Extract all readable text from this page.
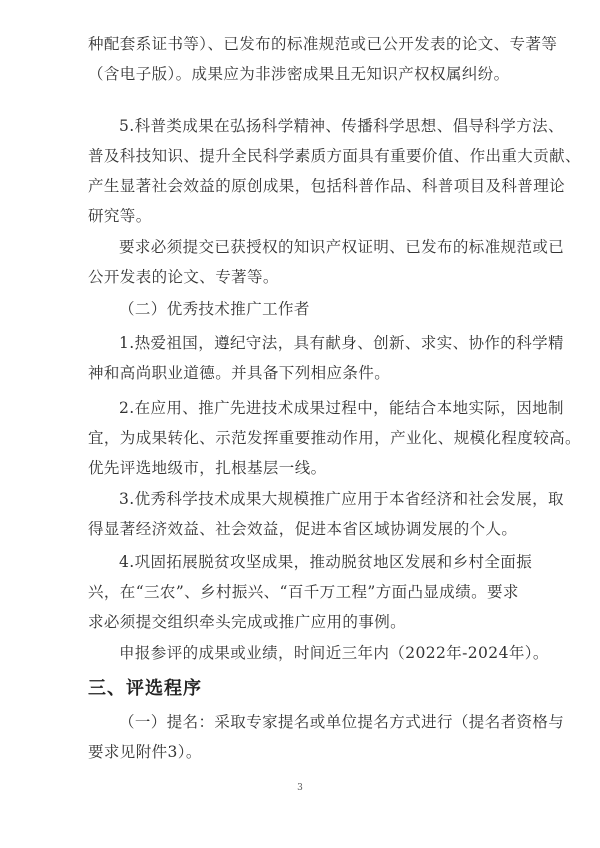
种配套系证书等）、已发布的标准规范或已公开发表的论文、专著等
（含电子版）。成果应为非涉密成果且无知识产权权属纠纷。
5.科普类成果在弘扬科学精神、传播科学思想、倡导科学方法、
普及科技知识、提升全民科学素质方面具有重要价值、作出重大贡献、
产生显著社会效益的原创成果，包括科普作品、科普项目及科普理论
研究等。
要求必须提交已获授权的知识产权证明、已发布的标准规范或已
公开发表的论文、专著等。
（二）优秀技术推广工作者
1.热爱祖国，遵纪守法，具有献身、创新、求实、协作的科学精
神和高尚职业道德。并具备下列相应条件。
2.在应用、推广先进技术成果过程中，能结合本地实际，因地制
宜，为成果转化、示范发挥重要推动作用，产业化、规模化程度较高。
优先评选地级市，扎根基层一线。
3.优秀科学技术成果大规模推广应用于本省经济和社会发展，取
得显著经济效益、社会效益，促进本省区域协调发展的个人。
4.巩固拓展脱贫攻坚成果，推动脱贫地区发展和乡村全面振
兴，在“三农”、乡村振兴、“百千万工程”方面凸显成绩。要求
求必须提交组织牵头完成或推广应用的事例。
申报参评的成果或业绩，时间近三年内（2022年-2024年）。
三、评选程序
（一）提名：采取专家提名或单位提名方式进行（提名者资格与
要求见附件3）。
3
